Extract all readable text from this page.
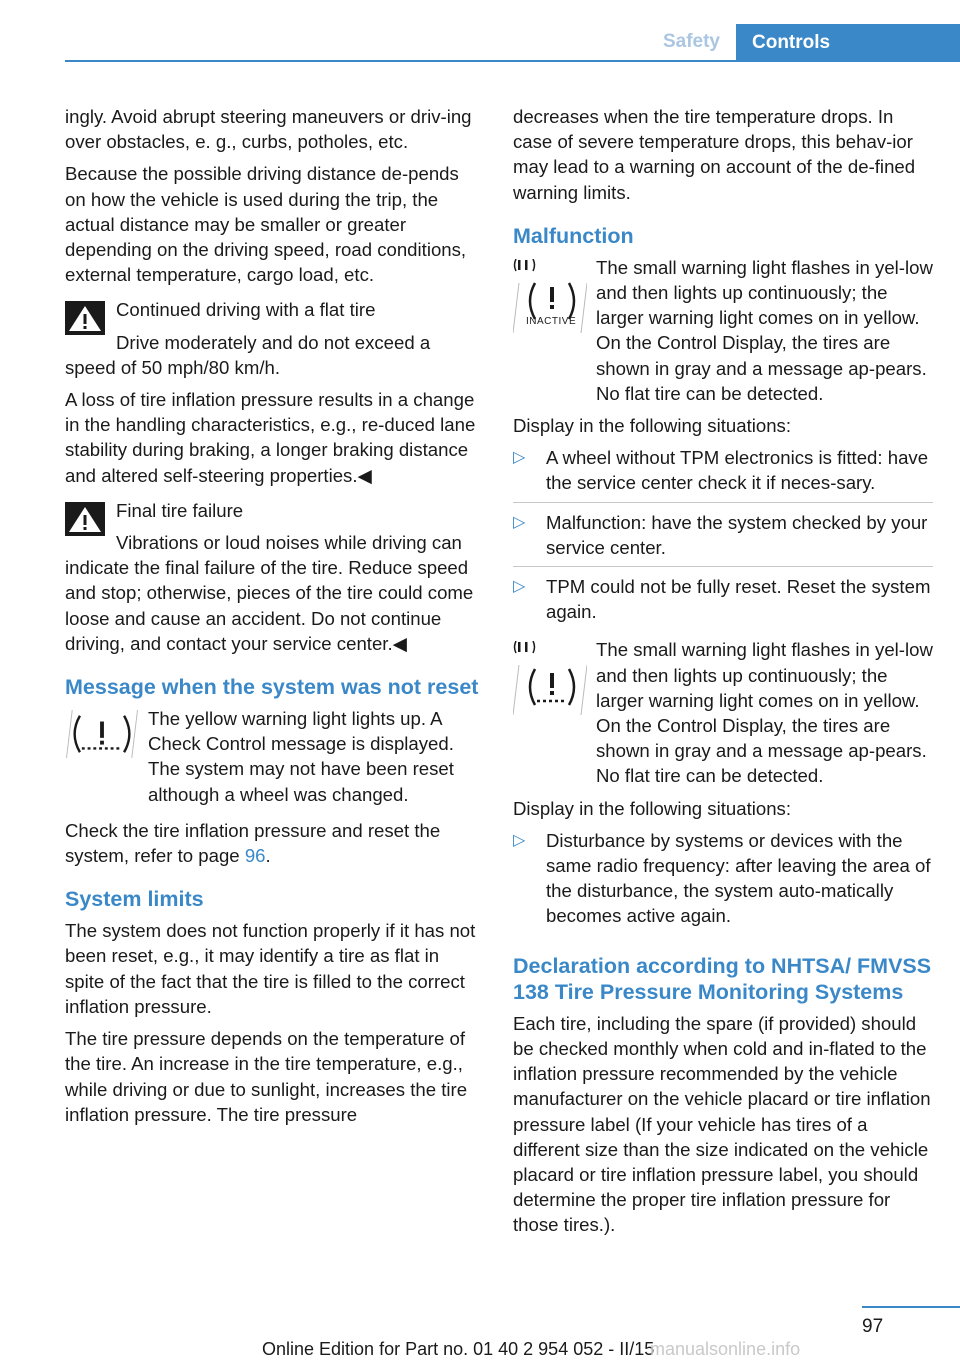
Safety	Controls

ingly. Avoid abrupt steering maneuvers or driv‐ing over obstacles, e. g., curbs, potholes, etc.

Because the possible driving distance de‐pends on how the vehicle is used during the trip, the actual distance may be smaller or greater depending on the driving speed, road conditions, external temperature, cargo load, etc.

Continued driving with a flat tire

Drive moderately and do not exceed a speed of 50 mph/80 km/h.

A loss of tire inflation pressure results in a change in the handling characteristics, e.g., re‐duced lane stability during braking, a longer braking distance and altered self-steering properties.◀

Final tire failure

Vibrations or loud noises while driving can indicate the final failure of the tire. Reduce speed and stop; otherwise, pieces of the tire could come loose and cause an accident. Do not continue driving, and contact your service center.◀

Message when the system was not reset

The yellow warning light lights up. A Check Control message is displayed. The system may not have been reset although a wheel was changed.

Check the tire inflation pressure and reset the system, refer to page 96.

System limits

The system does not function properly if it has not been reset, e.g., it may identify a tire as flat in spite of the fact that the tire is filled to the correct inflation pressure.

The tire pressure depends on the temperature of the tire. An increase in the tire temperature, e.g., while driving or due to sunlight, increases the tire inflation pressure. The tire pressure

decreases when the tire temperature drops. In case of severe temperature drops, this behav‐ior may lead to a warning on account of the de‐fined warning limits.

Malfunction
INACTIVE

The small warning light flashes in yel‐low and then lights up continuously; the larger warning light comes on in yellow. On the Control Display, the tires are shown in gray and a message ap‐pears. No flat tire can be detected.

Display in the following situations:

▷ A wheel without TPM electronics is fitted: have the service center check it if neces‐sary.
▷ Malfunction: have the system checked by your service center.
▷ TPM could not be fully reset. Reset the system again.

The small warning light flashes in yel‐low and then lights up continuously; the larger warning light comes on in yellow. On the Control Display, the tires are shown in gray and a message ap‐pears. No flat tire can be detected.

Display in the following situations:

▷ Disturbance by systems or devices with the same radio frequency: after leaving the area of the disturbance, the system auto‐matically becomes active again.
Declaration according to NHTSA/ FMVSS 138 Tire Pressure Monitoring Systems

Each tire, including the spare (if provided) should be checked monthly when cold and in‐flated to the inflation pressure recommended by the vehicle manufacturer on the vehicle placard or tire inflation pressure label (If your vehicle has tires of a different size than the size indicated on the vehicle placard or tire inflation pressure label, you should determine the proper tire inflation pressure for those tires.).

97
Online Edition for Part no. 01 40 2 954 052 - II/15
manualsonline.info
